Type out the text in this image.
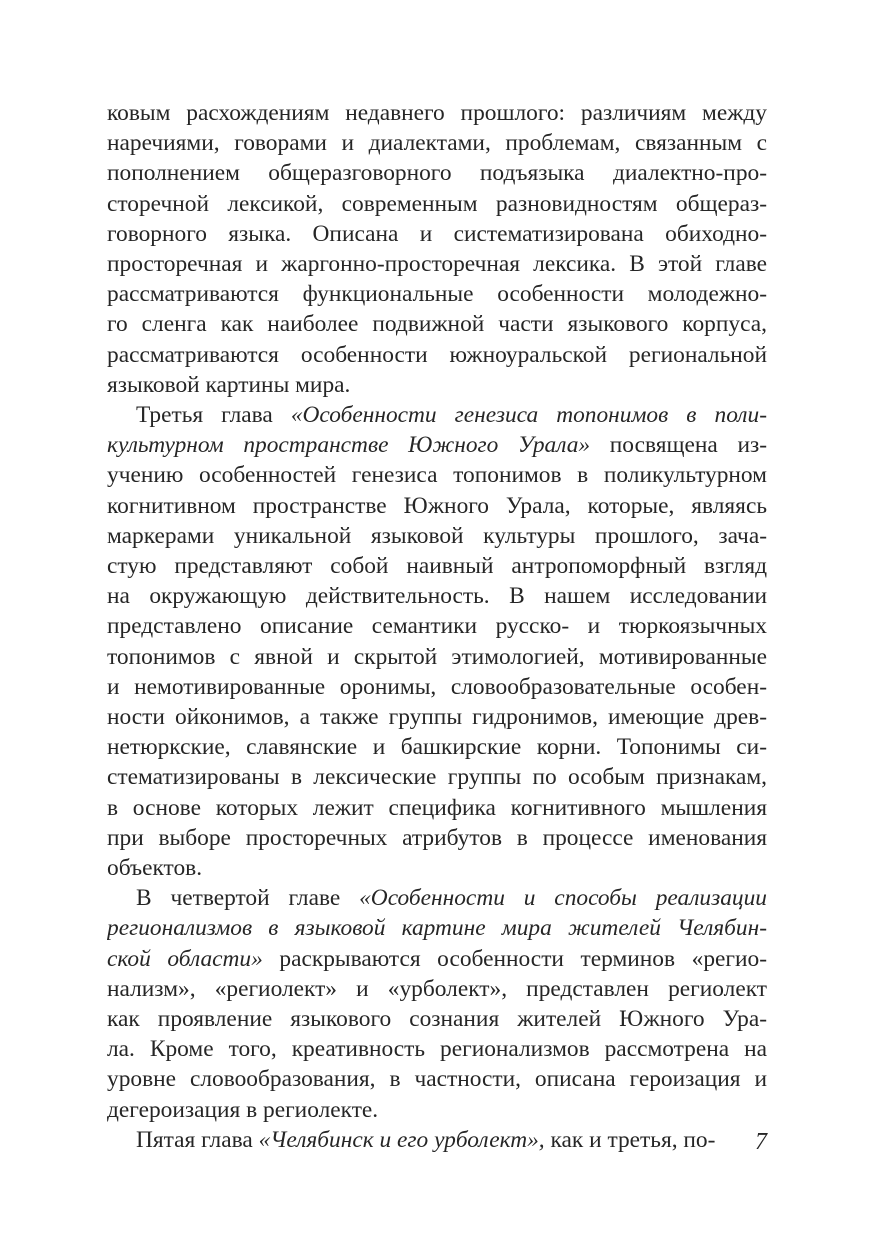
ковым расхождениям недавнего прошлого: различиям между
наречиями, говорами и диалектами, проблемам, связанным с
пополнением общеразговорного подъязыка диалектно-про-
сторечной лексикой, современным разновидностям общераз-
говорного языка. Описана и систематизирована обиходно-
просторечная и жаргонно-просторечная лексика. В этой главе
рассматриваются функциональные особенности молодежно-
го сленга как наиболее подвижной части языкового корпуса,
рассматриваются особенности южноуральской региональной
языковой картины мира.
Третья глава «Особенности генезиса топонимов в поли-
культурном пространстве Южного Урала» посвящена из-
учению особенностей генезиса топонимов в поликультурном
когнитивном пространстве Южного Урала, которые, являясь
маркерами уникальной языковой культуры прошлого, зача-
стую представляют собой наивный антропоморфный взгляд
на окружающую действительность. В нашем исследовании
представлено описание семантики русско- и тюркоязычных
топонимов с явной и скрытой этимологией, мотивированные
и немотивированные оронимы, словообразовательные особен-
ности ойконимов, а также группы гидронимов, имеющие древ-
нетюркские, славянские и башкирские корни. Топонимы си-
стематизированы в лексические группы по особым признакам,
в основе которых лежит специфика когнитивного мышления
при выборе просторечных атрибутов в процессе именования
объектов.
В четвертой главе «Особенности и способы реализации
регионализмов в языковой картине мира жителей Челябин-
ской области» раскрываются особенности терминов «регио-
нализм», «региолект» и «урболект», представлен региолект
как проявление языкового сознания жителей Южного Ура-
ла. Кроме того, креативность регионализмов рассмотрена на
уровне словообразования, в частности, описана героизация и
дегероизация в региолекте.
Пятая глава «Челябинск и его урболект», как и третья, по-	7
